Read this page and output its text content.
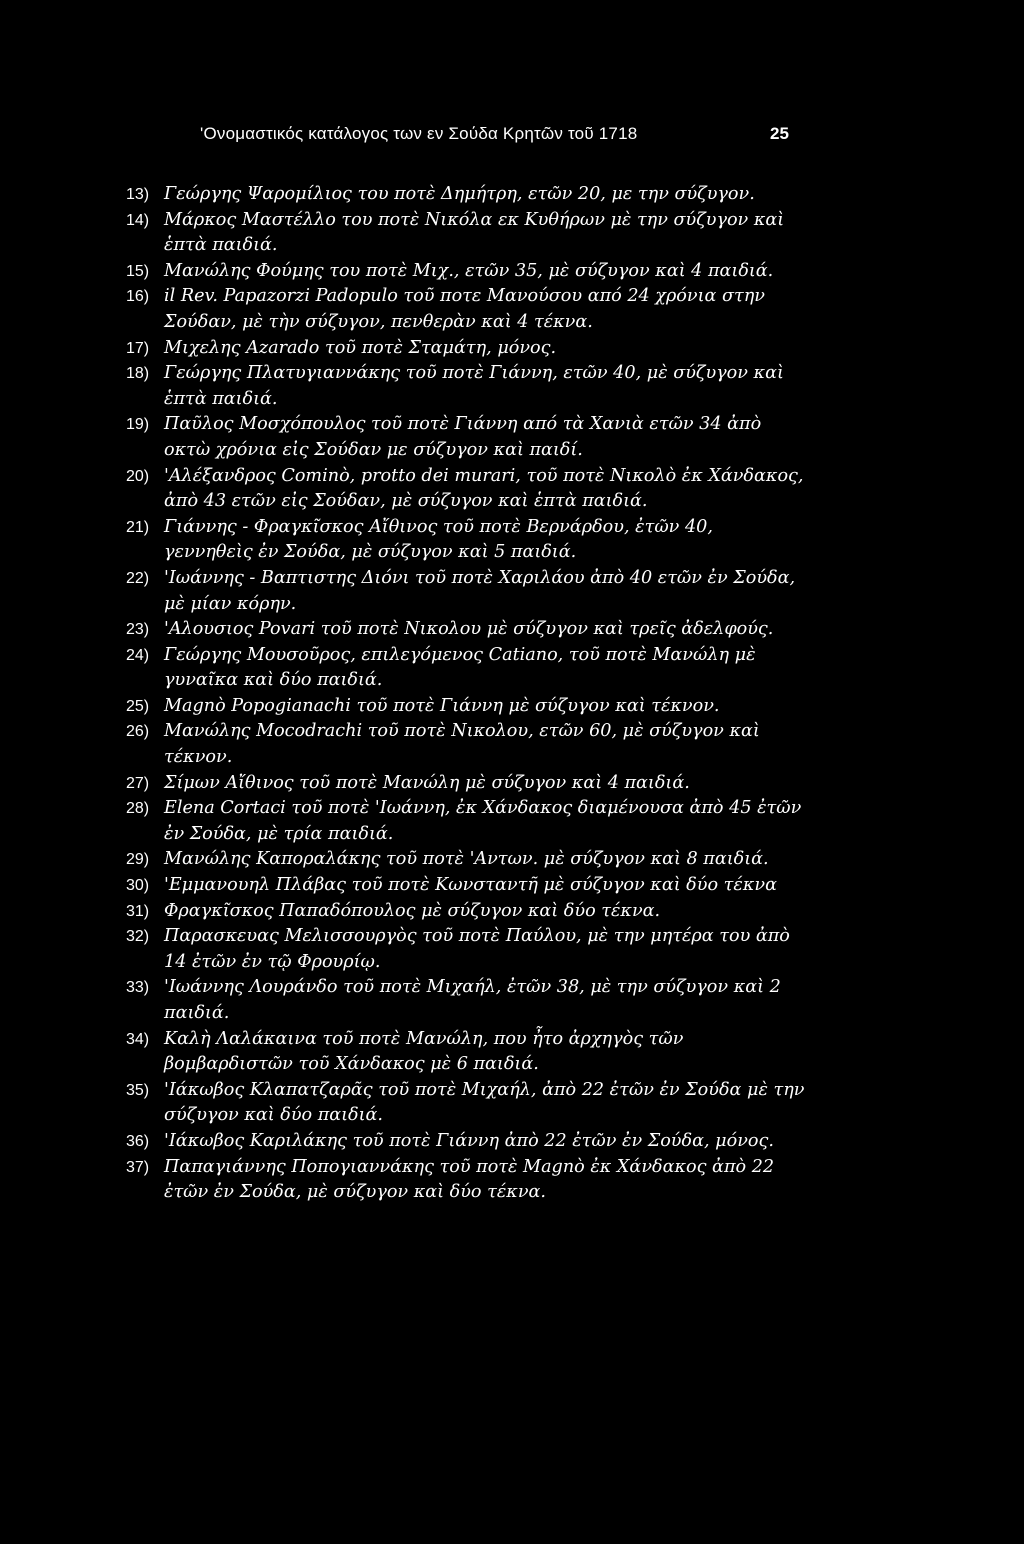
'Ονομαστικός κατάλογος των εν Σούδα Κρητῶν τοῦ 1718	25

13) Γεώργης Ψαρομίλιος του ποτὲ Δημήτρη, ετῶν 20, με την σύζυγον.

14) Μάρκος Μαστέλλο του ποτὲ Νικόλα εκ Κυθήρων μὲ την σύζυγον καὶ ἑπτὰ παιδιά.

15) Μανώλης Φούμης του ποτὲ Μιχ., ετῶν 35, μὲ σύζυγον καὶ 4 παιδιά.

16) il Rev. Papazorzi Padopulo τοῦ ποτε Μανούσου από 24 χρόνια στην Σούδαν, μὲ τὴν σύζυγον, πενθερὰν καὶ 4 τέκνα.

17) Μιχελης Azarado τοῦ ποτὲ Σταμάτη, μόνος.

18) Γεώργης Πλατυγιαννάκης τοῦ ποτὲ Γιάννη, ετῶν 40, μὲ σύζυγον καὶ ἑπτὰ παιδιά.

19) Παῦλος Μοσχόπουλος τοῦ ποτὲ Γιάννη από τὰ Χανιὰ ετῶν 34 ἀπὸ οκτὼ χρόνια εἰς Σούδαν με σύζυγον καὶ παιδί.

20) 'Αλέξανδρος Cominò, protto dei murari, τοῦ ποτὲ Νικολὸ ἐκ Χάνδακος, ἀπὸ 43 ετῶν εἰς Σούδαν, μὲ σύζυγον καὶ ἑπτὰ παιδιά.

21) Γιάννης - Φραγκῖσκος Αἴθινος τοῦ ποτὲ Βερνάρδου, ἐτῶν 40, γεννηθεὶς ἐν Σούδα, μὲ σύζυγον καὶ 5 παιδιά.

22) 'Ιωάννης - Βαπτιστης Διόνι τοῦ ποτὲ Χαριλάου ἀπὸ 40 ετῶν ἐν Σούδα, μὲ μίαν κόρην.

23) 'Αλουσιος Povari τοῦ ποτὲ Νικολου μὲ σύζυγον καὶ τρεῖς ἀδελφούς.

24) Γεώργης Μουσοῦρος, επιλεγόμενος Catiano, τοῦ ποτὲ Μανώλη μὲ γυναῖκα καὶ δύο παιδιά.

25) Magnò Popogianachi τοῦ ποτὲ Γιάννη μὲ σύζυγον καὶ τέκνον.

26) Μανώλης Mocodrachi τοῦ ποτὲ Νικολου, ετῶν 60, μὲ σύζυγον καὶ τέκνον.

27) Σίμων Αἴθινος τοῦ ποτὲ Μανώλη μὲ σύζυγον καὶ 4 παιδιά.

28) Elena Cortaci τοῦ ποτὲ 'Ιωάννη, ἐκ Χάνδακος διαμένουσα ἀπὸ 45 ἐτῶν ἐν Σούδα, μὲ τρία παιδιά.

29) Μανώλης Καποραλάκης τοῦ ποτὲ 'Αντων. μὲ σύζυγον καὶ 8 παιδιά.

30) 'Εμμανουηλ Πλάβας τοῦ ποτὲ Κωνσταντῆ μὲ σύζυγον καὶ δύο τέκνα

31) Φραγκῖσκος Παπαδόπουλος μὲ σύζυγον καὶ δύο τέκνα.

32) Παρασκευας Μελισσουργὸς τοῦ ποτὲ Παύλου, μὲ την μητέρα του ἀπὸ 14 ἐτῶν ἐν τῷ Φρουρίῳ.

33) 'Ιωάννης Λουράνδο τοῦ ποτὲ Μιχαήλ, ἐτῶν 38, μὲ την σύζυγον καὶ 2 παιδιά.

34) Καλὴ Λαλάκαινα τοῦ ποτὲ Μανώλη, που ἦτο ἀρχηγὸς τῶν βομβαρδιστῶν τοῦ Χάνδακος μὲ 6 παιδιά.

35) 'Ιάκωβος Κλαπατζαρᾶς τοῦ ποτὲ Μιχαήλ, ἀπὸ 22 ἐτῶν ἐν Σούδα μὲ την σύζυγον καὶ δύο παιδιά.

36) 'Ιάκωβος Καριλάκης τοῦ ποτὲ Γιάννη ἀπὸ 22 ἐτῶν ἐν Σούδα, μόνος.

37) Παπαγιάννης Ποπογιαννάκης τοῦ ποτὲ Magnò ἐκ Χάνδακος ἀπὸ 22 ἐτῶν ἐν Σούδα, μὲ σύζυγον καὶ δύο τέκνα.
